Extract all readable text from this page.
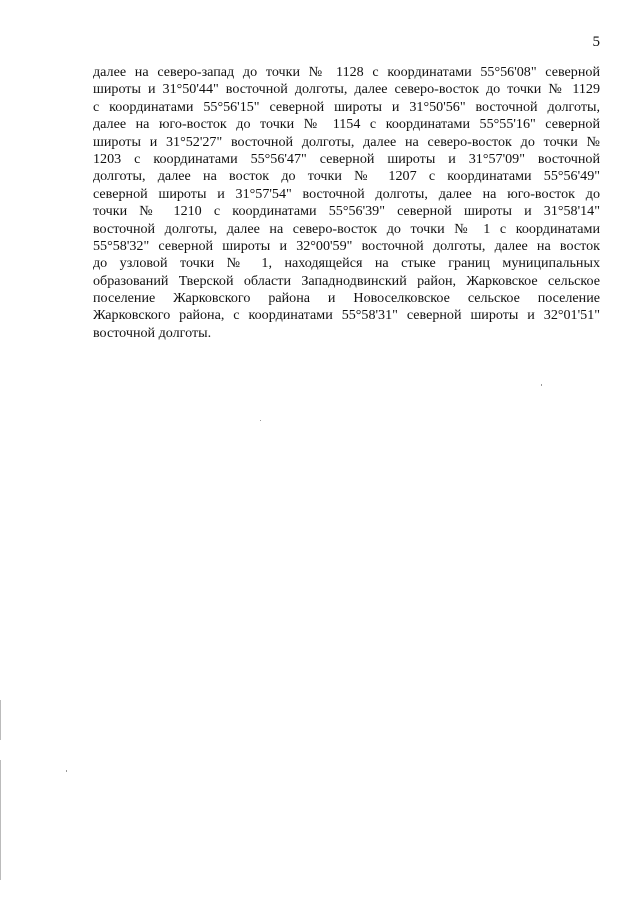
5
далее на северо-запад до точки № 1128 с координатами 55°56'08" северной
широты и 31°50'44" восточной долготы, далее северо-восток до точки № 1129
с координатами 55°56'15" северной широты и 31°50'56" восточной долготы,
далее на юго-восток до точки № 1154 с координатами 55°55'16" северной
широты и 31°52'27" восточной долготы, далее на северо-восток до точки №
1203 с координатами 55°56'47" северной широты и 31°57'09" восточной
долготы, далее на восток до точки № 1207 с координатами 55°56'49"
северной широты и 31°57'54" восточной долготы, далее на юго-восток до
точки № 1210 с координатами 55°56'39" северной широты и 31°58'14"
восточной долготы, далее на северо-восток до точки № 1 с координатами
55°58'32" северной широты и 32°00'59" восточной долготы, далее на восток
до узловой точки № 1, находящейся на стыке границ муниципальных
образований Тверской области Западнодвинский район, Жарковское сельское
поселение Жарковского района и Новоселковское сельское поселение
Жарковского района, с координатами 55°58'31" северной широты и 32°01'51"
восточной долготы.
